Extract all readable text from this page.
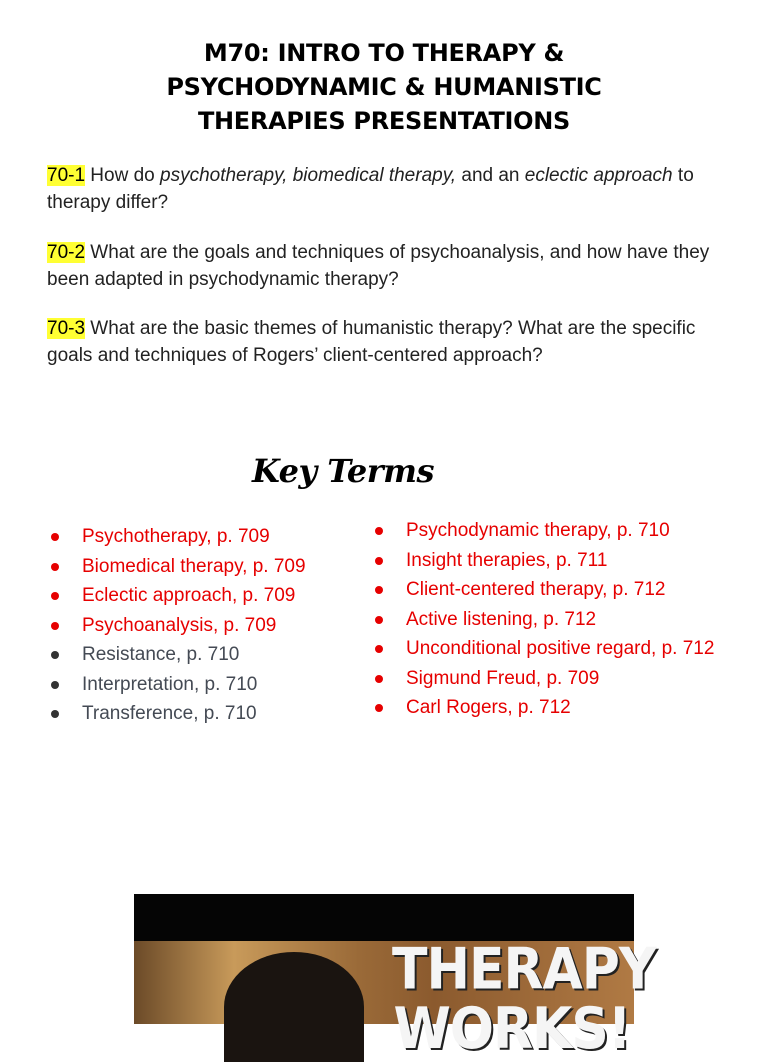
M70: INTRO TO THERAPY &
PSYCHODYNAMIC & HUMANISTIC
THERAPIES PRESENTATIONS
70-1 How do psychotherapy, biomedical therapy, and an eclectic approach to therapy differ?
70-2 What are the goals and techniques of psychoanalysis, and how have they been adapted in psychodynamic therapy?
70-3 What are the basic themes of humanistic therapy? What are the specific goals and techniques of Rogers’ client-centered approach?
Key Terms
Psychotherapy, p. 709
Biomedical therapy, p. 709
Eclectic approach, p. 709
Psychoanalysis, p. 709
Resistance, p. 710
Interpretation, p. 710
Transference, p. 710
Psychodynamic therapy, p. 710
Insight therapies, p. 711
Client-centered therapy, p. 712
Active listening, p. 712
Unconditional positive regard, p. 712
Sigmund Freud, p. 709
Carl Rogers, p. 712
THERAPY
WORKS!
